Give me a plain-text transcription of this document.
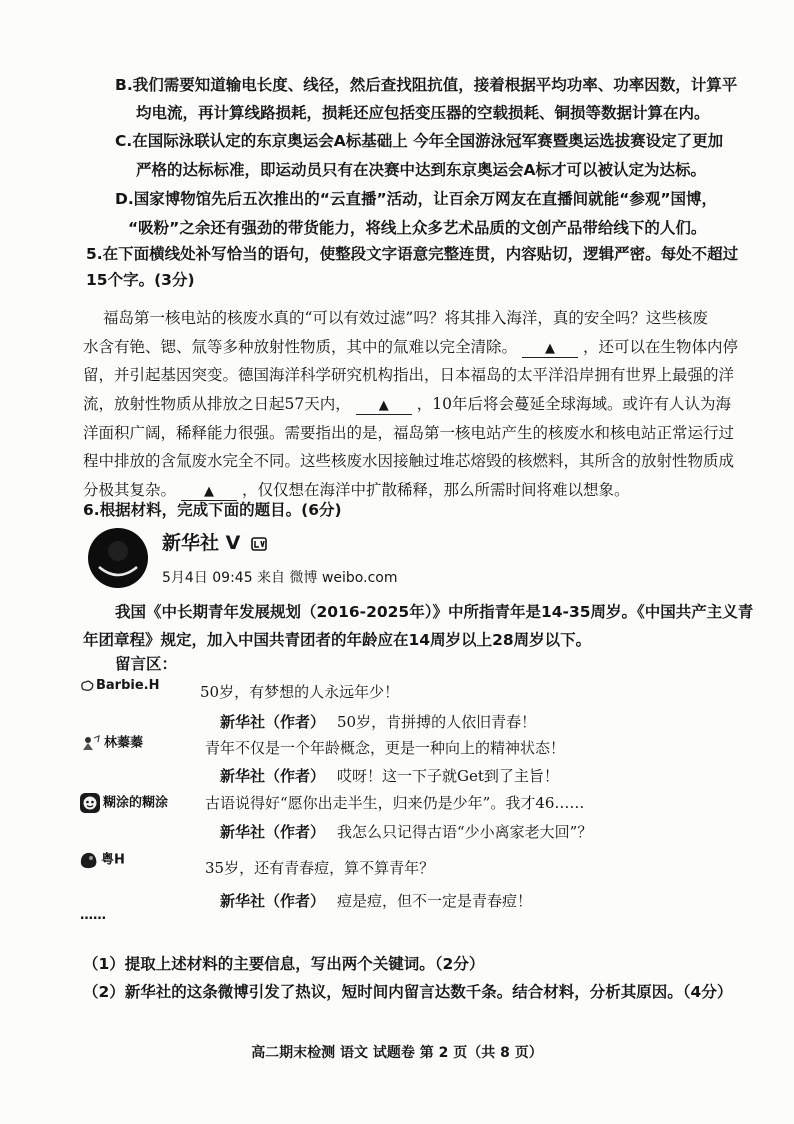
B.我们需要知道输电长度、线径，然后查找阻抗值，接着根据平均功率、功率因数，计算平
均电流，再计算线路损耗，损耗还应包括变压器的空载损耗、铜损等数据计算在内。
C.在国际泳联认定的东京奥运会A标基础上 今年全国游泳冠军赛暨奥运选拔赛设定了更加
严格的达标标准，即运动员只有在决赛中达到东京奥运会A标才可以被认定为达标。
D.国家博物馆先后五次推出的“云直播”活动，让百余万网友在直播间就能“参观”国博，
“吸粉”之余还有强劲的带货能力，将线上众多艺术品质的文创产品带给线下的人们。
5.在下面横线处补写恰当的语句，使整段文字语意完整连贯，内容贴切，逻辑严密。每处不超过
15个字。(3分)
福岛第一核电站的核废水真的“可以有效过滤”吗？将其排入海洋，真的安全吗？这些核废
水含有铯、锶、氚等多种放射性物质，其中的氚难以完全清除。 ▲ ，还可以在生物体内停
留，并引起基因突变。德国海洋科学研究机构指出，日本福岛的太平洋沿岸拥有世界上最强的洋
流，放射性物质从排放之日起57天内， ▲ ，10年后将会蔓延全球海域。或许有人认为海
洋面积广阔，稀释能力很强。需要指出的是，福岛第一核电站产生的核废水和核电站正常运行过
程中排放的含氚废水完全不同。这些核废水因接触过堆芯熔毁的核燃料，其所含的放射性物质成
分极其复杂。 ▲ ，仅仅想在海洋中扩散稀释，那么所需时间将难以想象。
6.根据材料，完成下面的题目。(6分)
新华社 V
5月4日 09:45 来自 微博 weibo.com
我国《中长期青年发展规划（2016-2025年）》中所指青年是14-35周岁。《中国共产主义青
年团章程》规定，加入中国共青团者的年龄应在14周岁以上28周岁以下。
留言区：
Barbie.H	50岁，有梦想的人永远年少！
新华社（作者） 50岁，肯拼搏的人依旧青春！
林蓁蓁	青年不仅是一个年龄概念，更是一种向上的精神状态！
新华社（作者） 哎呀！这一下子就Get到了主旨！
糊涂的糊涂 古语说得好“愿你出走半生，归来仍是少年”。我才46……
新华社（作者） 我怎么只记得古语“少小离家老大回”？
粤H	35岁，还有青春痘，算不算青年？
新华社（作者） 痘是痘，但不一定是青春痘！
……
（1）提取上述材料的主要信息，写出两个关键词。（2分）
（2）新华社的这条微博引发了热议，短时间内留言达数千条。结合材料，分析其原因。（4分）
高二期末检测 语文 试题卷 第 2 页（共 8 页）
